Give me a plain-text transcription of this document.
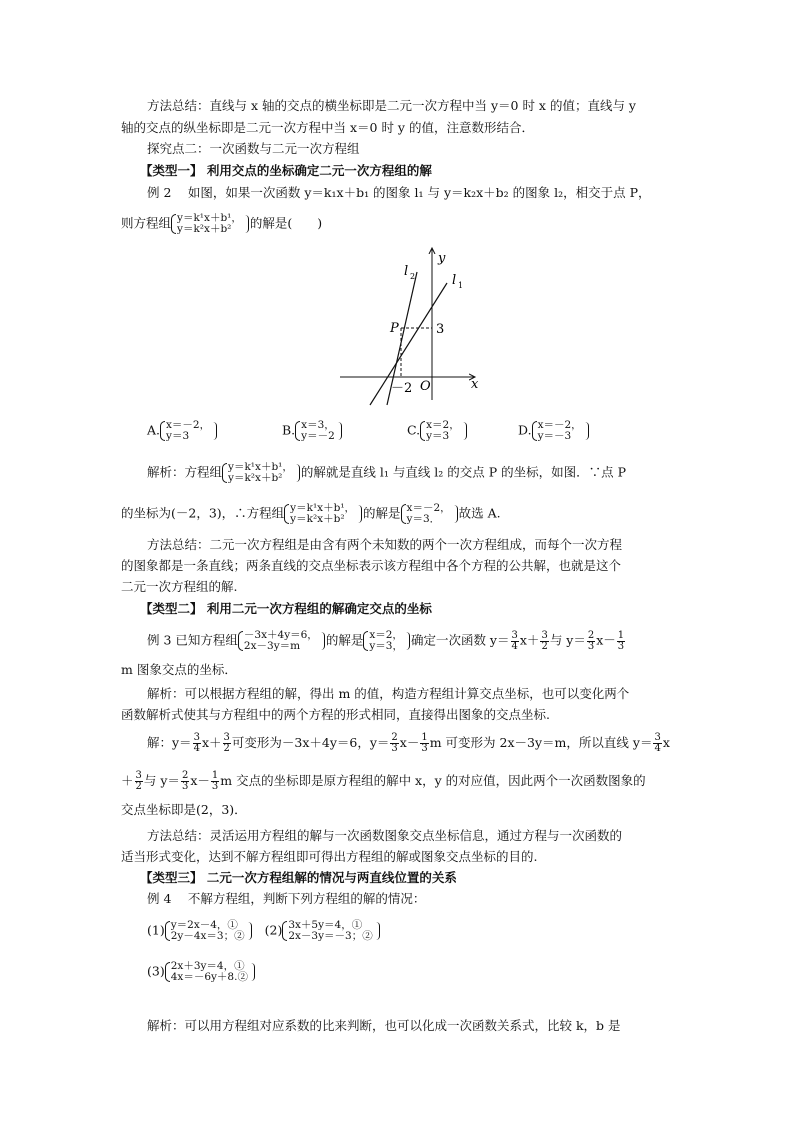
方法总结：直线与 x 轴的交点的横坐标即是二元一次方程中当 y＝0 时 x 的值；直线与 y
轴的交点的纵坐标即是二元一次方程中当 x＝0 时 y 的值，注意数形结合．
探究点二：一次函数与二元一次方程组
【类型一】 利用交点的坐标确定二元一次方程组的解
例 2　 如图，如果一次函数 y＝k₁x＋b₁ 的图象 l₁ 与 y＝k₂x＋b₂ 的图象 l₂，相交于点 P，
则方程组 y＝k¹x＋b¹，
y＝k²x＋b²	的解是(　　)
y
x
l 1
l 2
P	3
－2 O
A. x＝－2，
y＝3	B. x＝3，
y＝－2	C. x＝2，
y＝3	D. x＝－2，
y＝－3
解析：方程组 y＝k¹x＋b¹，
y＝k²x＋b²	的解就是直线 l₁ 与直线 l₂ 的交点 P 的坐标，如图．∵点 P
的坐标为(－2，3)，∴方程组 y＝k¹x＋b¹，
y＝k²x＋b²	的解是 x＝－2，
y＝3．	故选 A.
方法总结：二元一次方程组是由含有两个未知数的两个一次方程组成，而每个一次方程
的图象都是一条直线；两条直线的交点坐标表示该方程组中各个方程的公共解，也就是这个
二元一次方程组的解.
【类型二】 利用二元一次方程组的解确定交点的坐标
例 3 已知方程组 －3x＋4y＝6，
2x－3y＝m	的解是 x＝2，
y＝3， 确定一次函数 $y= \frac{3}{4} x+ \frac{3}{2}$ 与 $y= \frac{2}{3} x- \frac{1}{3}$
m 图象交点的坐标．
解析：可以根据方程组的解，得出 m 的值，构造方程组计算交点坐标，也可以变化两个
函数解析式使其与方程组中的两个方程的形式相同，直接得出图象的交点坐标.
解：$y= \frac{3}{4} x+ \frac{3}{2}$ 可变形为－3x＋4y＝6，$y= \frac{2}{3} x- \frac{1}{3}$ m 可变形为 2x－3y＝m，所以直线 $y= \frac{3}{4}$ x
＋ $\frac{3}{2}$ 与 $y= \frac{2}{3} x- \frac{1}{3}$ m 交点的坐标即是原方程组的解中 x，y 的对应值，因此两个一次函数图象的
交点坐标即是(2，3)．
方法总结：灵活运用方程组的解与一次函数图象交点坐标信息，通过方程与一次函数的
适当形式变化，达到不解方程组即可得出方程组的解或图象交点坐标的目的.
【类型三】 二元一次方程组解的情况与两直线位置的关系
例 4　 不解方程组，判断下列方程组的解的情况：
(1) y＝2x－4，①
2y－4x＝3；② (2) 3x＋5y＝4，①
2x－3y＝－3；②
(3) 2x＋3y＝4，①
4x＝－6y＋8.②
解析：可以用方程组对应系数的比来判断，也可以化成一次函数关系式，比较 k，b 是
